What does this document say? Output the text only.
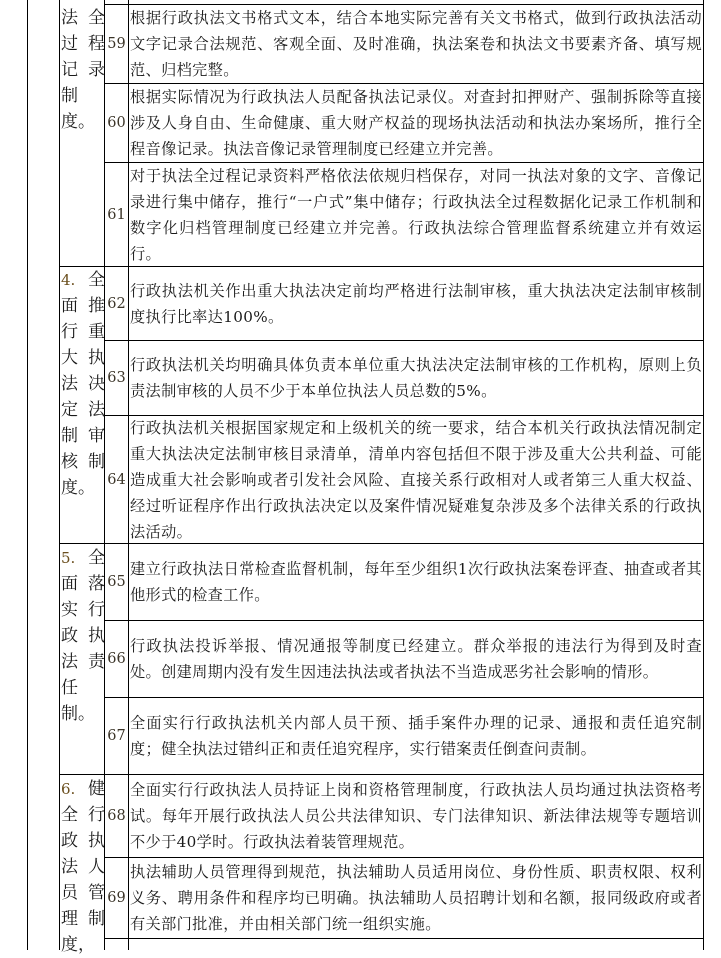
法 全
过 程
记 录
制
度。
4. 全
面 推
行 重
大 执
法 决
定 法
制 审
核 制
度。
5. 全
面 落
实 行
政 执
法 责
任
制。
6. 健
全 行
政 执
法 人
员 管
理 制
度，
59
根据行政执法文书格式文本，结合本地实际完善有关文书格式，做到行政执法活动文字记录合法规范、客观全面、及时准确，执法案卷和执法文书要素齐备、填写规范、归档完整。
60
根据实际情况为行政执法人员配备执法记录仪。对查封扣押财产、强制拆除等直接涉及人身自由、生命健康、重大财产权益的现场执法活动和执法办案场所，推行全程音像记录。执法音像记录管理制度已经建立并完善。
61
对于执法全过程记录资料严格依法依规归档保存，对同一执法对象的文字、音像记录进行集中储存，推行“一户式”集中储存；行政执法全过程数据化记录工作机制和数字化归档管理制度已经建立并完善。行政执法综合管理监督系统建立并有效运行。
62
行政执法机关作出重大执法决定前均严格进行法制审核，重大执法决定法制审核制度执行比率达100%。
63
行政执法机关均明确具体负责本单位重大执法决定法制审核的工作机构，原则上负责法制审核的人员不少于本单位执法人员总数的5%。
64
行政执法机关根据国家规定和上级机关的统一要求，结合本机关行政执法情况制定重大执法决定法制审核目录清单，清单内容包括但不限于涉及重大公共利益、可能造成重大社会影响或者引发社会风险、直接关系行政相对人或者第三人重大权益、经过听证程序作出行政执法决定以及案件情况疑难复杂涉及多个法律关系的行政执法活动。
65
建立行政执法日常检查监督机制，每年至少组织1次行政执法案卷评查、抽查或者其他形式的检查工作。
66
行政执法投诉举报、情况通报等制度已经建立。群众举报的违法行为得到及时查处。创建周期内没有发生因违法执法或者执法不当造成恶劣社会影响的情形。
67
全面实行行政执法机关内部人员干预、插手案件办理的记录、通报和责任追究制度；健全执法过错纠正和责任追究程序，实行错案责任倒查问责制。
68
全面实行行政执法人员持证上岗和资格管理制度，行政执法人员均通过执法资格考试。每年开展行政执法人员公共法律知识、专门法律知识、新法律法规等专题培训不少于40学时。行政执法着装管理规范。
69
执法辅助人员管理得到规范，执法辅助人员适用岗位、身份性质、职责权限、权利义务、聘用条件和程序均已明确。执法辅助人员招聘计划和名额，报同级政府或者有关部门批准，并由相关部门统一组织实施。
